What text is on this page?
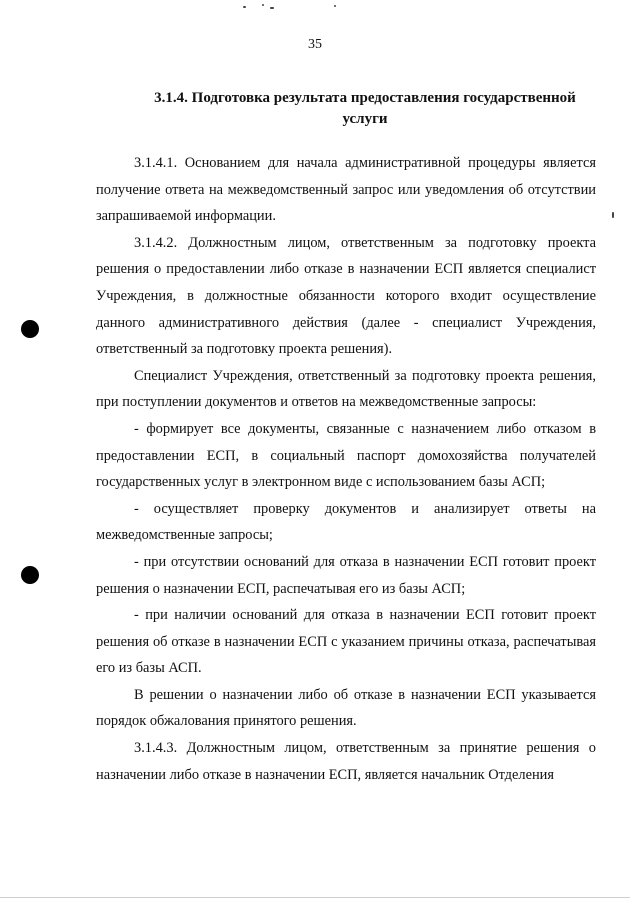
35
3.1.4. Подготовка результата предоставления государственной
услуги

3.1.4.1. Основанием для начала административной процедуры является получение ответа на межведомственный запрос или уведомления об отсутствии запрашиваемой информации.

3.1.4.2. Должностным лицом, ответственным за подготовку проекта решения о предоставлении либо отказе в назначении ЕСП является специалист Учреждения, в должностные обязанности которого входит осуществление данного административного действия (далее - специалист Учреждения, ответственный за подготовку проекта решения).

Специалист Учреждения, ответственный за подготовку проекта решения, при поступлении документов и ответов на межведомственные запросы:

- формирует все документы, связанные с назначением либо отказом в предоставлении ЕСП, в социальный паспорт домохозяйства получателей государственных услуг в электронном виде с использованием базы АСП;

- осуществляет проверку документов и анализирует ответы на межведомственные запросы;

- при отсутствии оснований для отказа в назначении ЕСП готовит проект решения о назначении ЕСП, распечатывая его из базы АСП;

- при наличии оснований для отказа в назначении ЕСП готовит проект решения об отказе в назначении ЕСП с указанием причины отказа, распечатывая его из базы АСП.

В решении о назначении либо об отказе в назначении ЕСП указывается порядок обжалования принятого решения.

3.1.4.3. Должностным лицом, ответственным за принятие решения о назначении либо отказе в назначении ЕСП, является начальник Отделения
